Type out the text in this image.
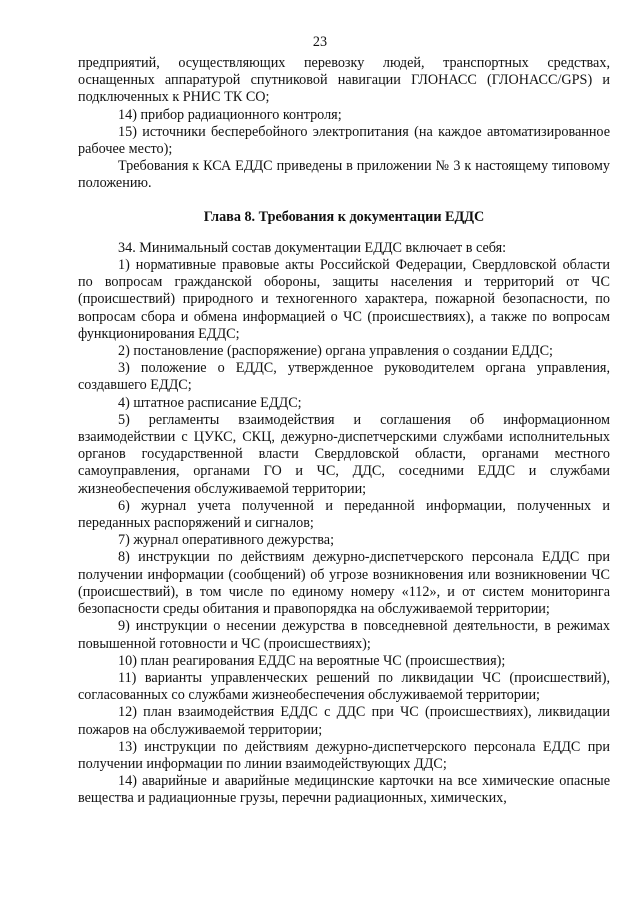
23

предприятий, осуществляющих перевозку людей, транспортных средствах, оснащенных аппаратурой спутниковой навигации ГЛОНАСС (ГЛОНАСС/GPS) и подключенных к РНИС ТК СО;

14) прибор радиационного контроля;

15) источники бесперебойного электропитания (на каждое автоматизированное рабочее место);

Требования к КСА ЕДДС приведены в приложении № 3 к настоящему типовому положению.

Глава 8. Требования к документации ЕДДС

34. Минимальный состав документации ЕДДС включает в себя:

1) нормативные правовые акты Российской Федерации, Свердловской области по вопросам гражданской обороны, защиты населения и территорий от ЧС (происшествий) природного и техногенного характера, пожарной безопасности, по вопросам сбора и обмена информацией о ЧС (происшествиях), а также по вопросам функционирования ЕДДС;

2) постановление (распоряжение) органа управления о создании ЕДДС;

3) положение о ЕДДС, утвержденное руководителем органа управления, создавшего ЕДДС;

4) штатное расписание ЕДДС;

5) регламенты взаимодействия и соглашения об информационном взаимодействии с ЦУКС, СКЦ, дежурно-диспетчерскими службами исполнительных органов государственной власти Свердловской области, органами местного самоуправления, органами ГО и ЧС, ДДС, соседними ЕДДС и службами жизнеобеспечения обслуживаемой территории;

6) журнал учета полученной и переданной информации, полученных и переданных распоряжений и сигналов;

7) журнал оперативного дежурства;

8) инструкции по действиям дежурно-диспетчерского персонала ЕДДС при получении информации (сообщений) об угрозе возникновения или возникновении ЧС (происшествий), в том числе по единому номеру «112», и от систем мониторинга безопасности среды обитания и правопорядка на обслуживаемой территории;

9) инструкции о несении дежурства в повседневной деятельности, в режимах повышенной готовности и ЧС (происшествиях);

10) план реагирования ЕДДС на вероятные ЧС (происшествия);

11) варианты управленческих решений по ликвидации ЧС (происшествий), согласованных со службами жизнеобеспечения обслуживаемой территории;

12) план взаимодействия ЕДДС с ДДС при ЧС (происшествиях), ликвидации пожаров на обслуживаемой территории;

13) инструкции по действиям дежурно-диспетчерского персонала ЕДДС при получении информации по линии взаимодействующих ДДС;

14) аварийные и аварийные медицинские карточки на все химические опасные вещества и радиационные грузы, перечни радиационных, химических,
